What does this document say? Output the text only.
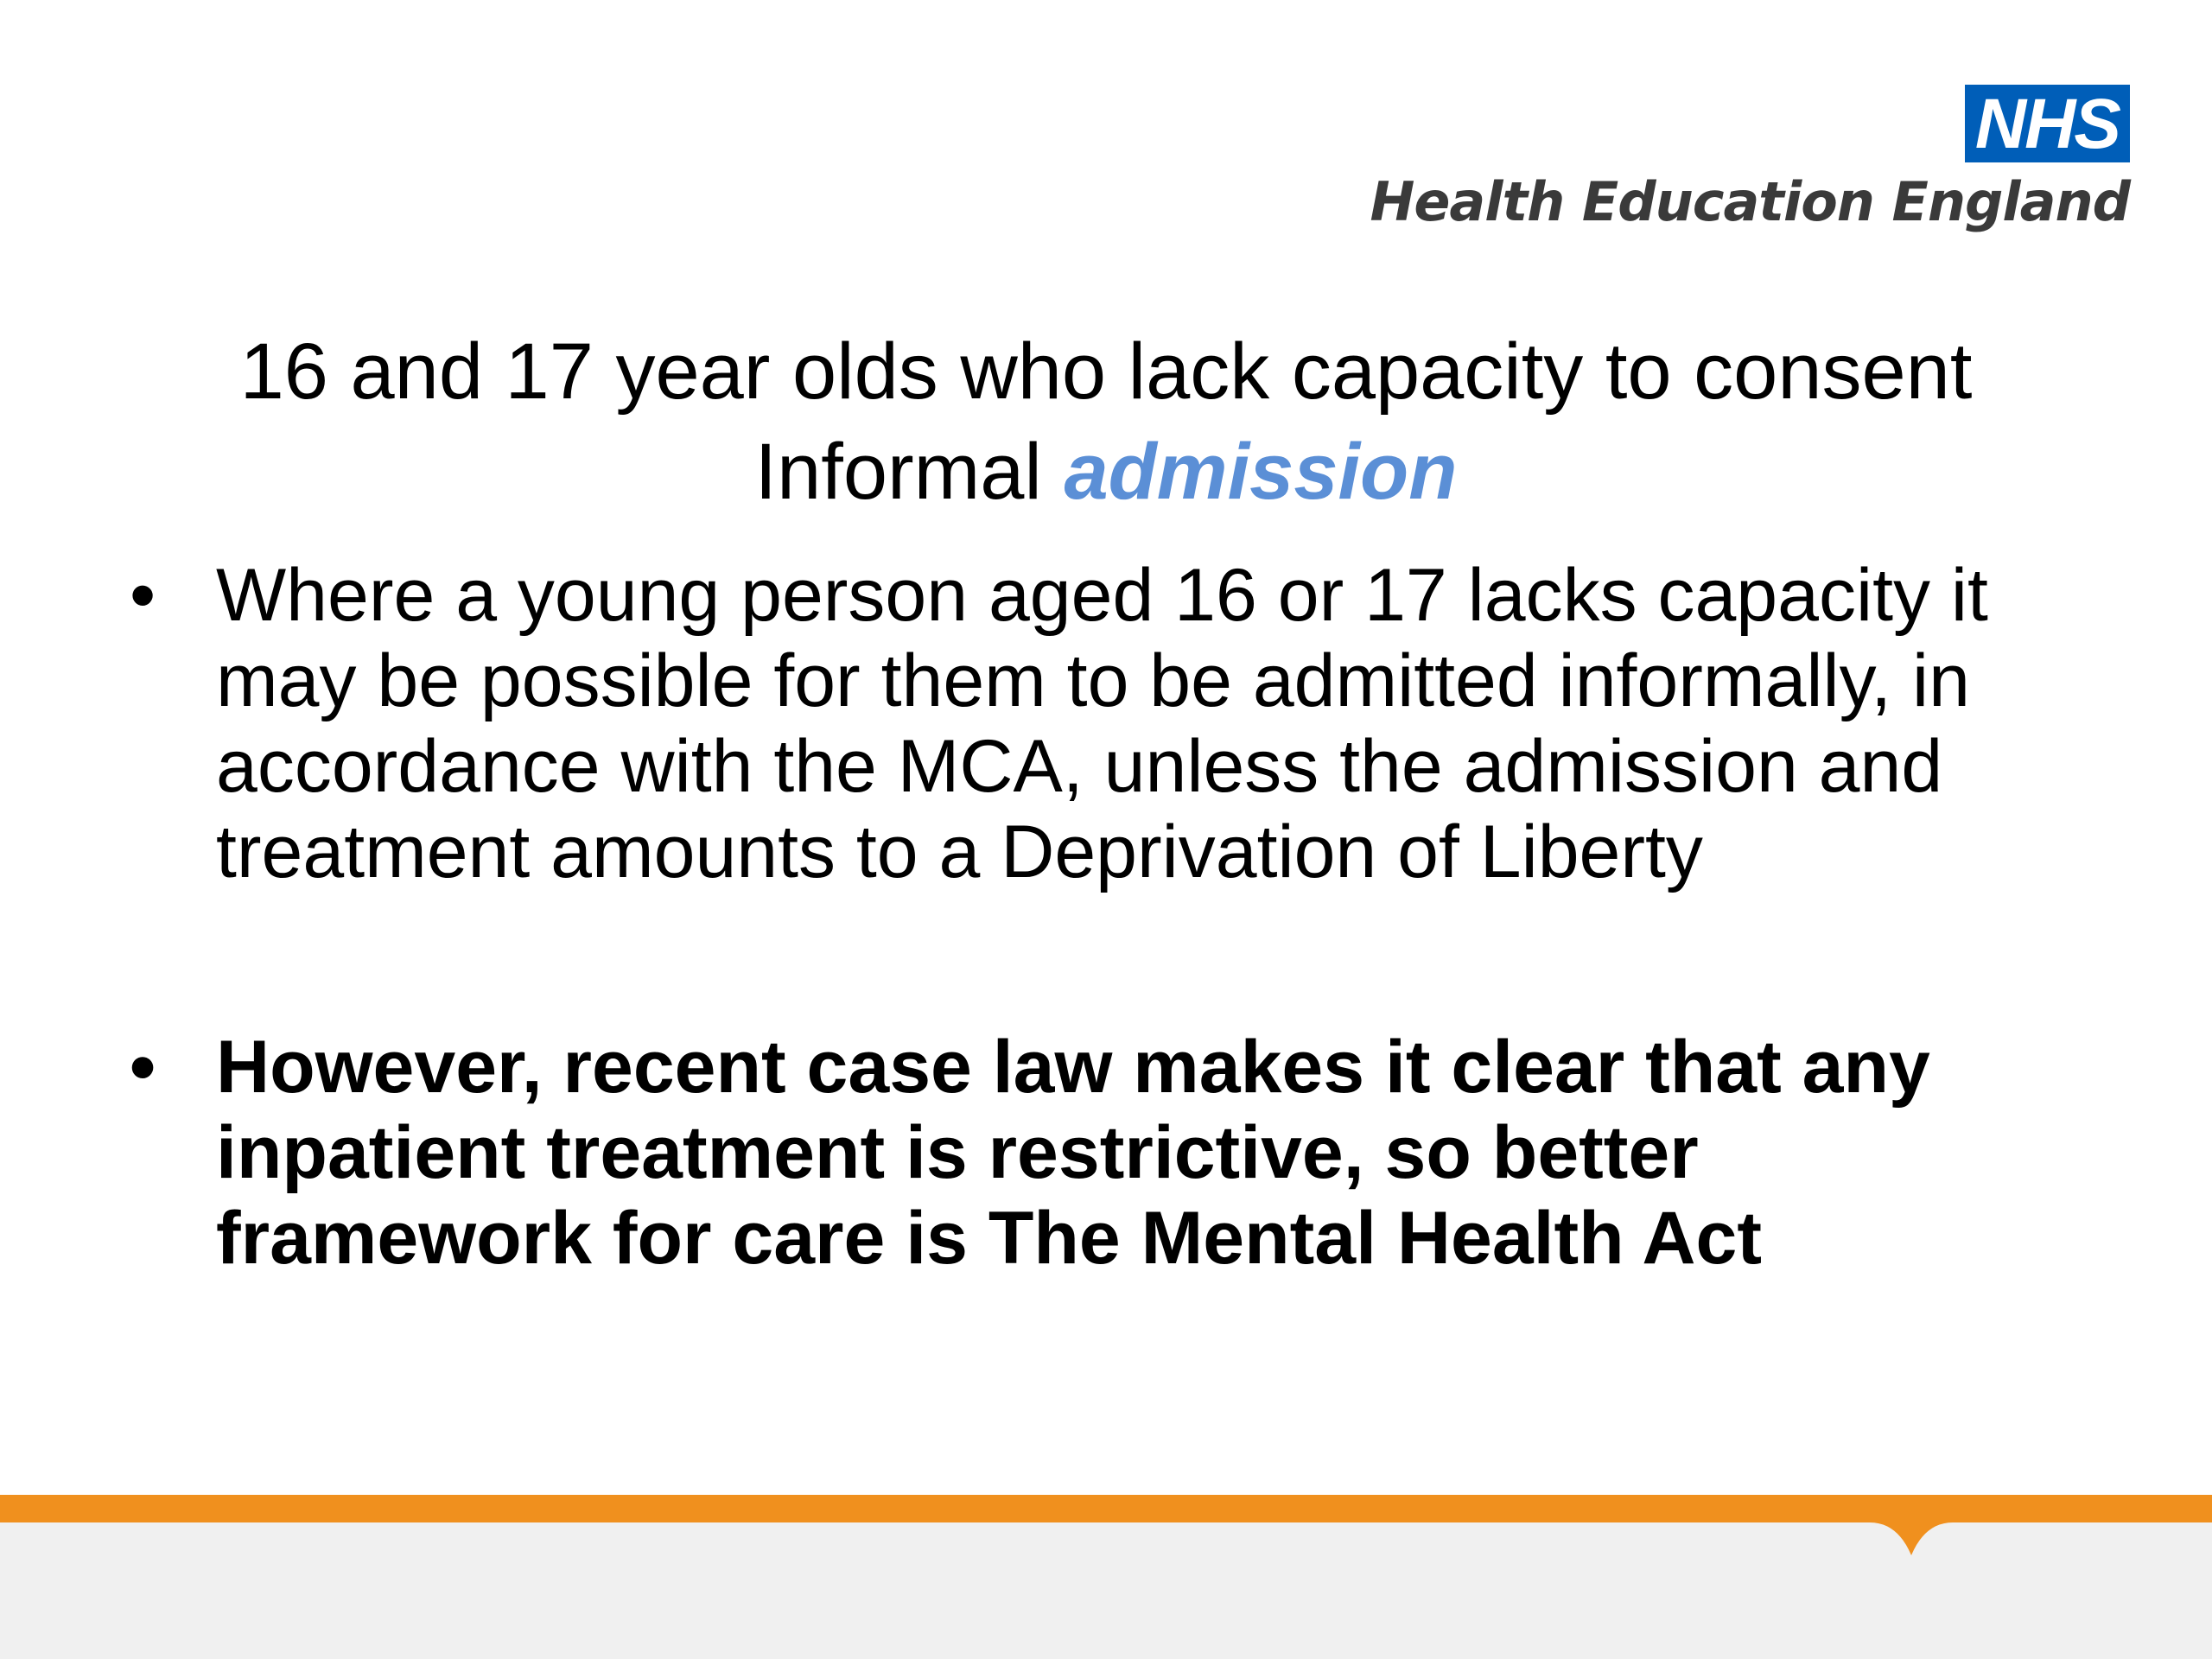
NHS
Health Education England
16 and 17 year olds who lack capacity to consent
Informal admission
• Where a young person aged 16 or 17 lacks capacity it may be possible for them to be admitted informally, in accordance with the MCA, unless the admission and treatment amounts to a Deprivation of Liberty
• However, recent case law makes it clear that any inpatient treatment is restrictive, so better framework for care is The Mental Health Act
